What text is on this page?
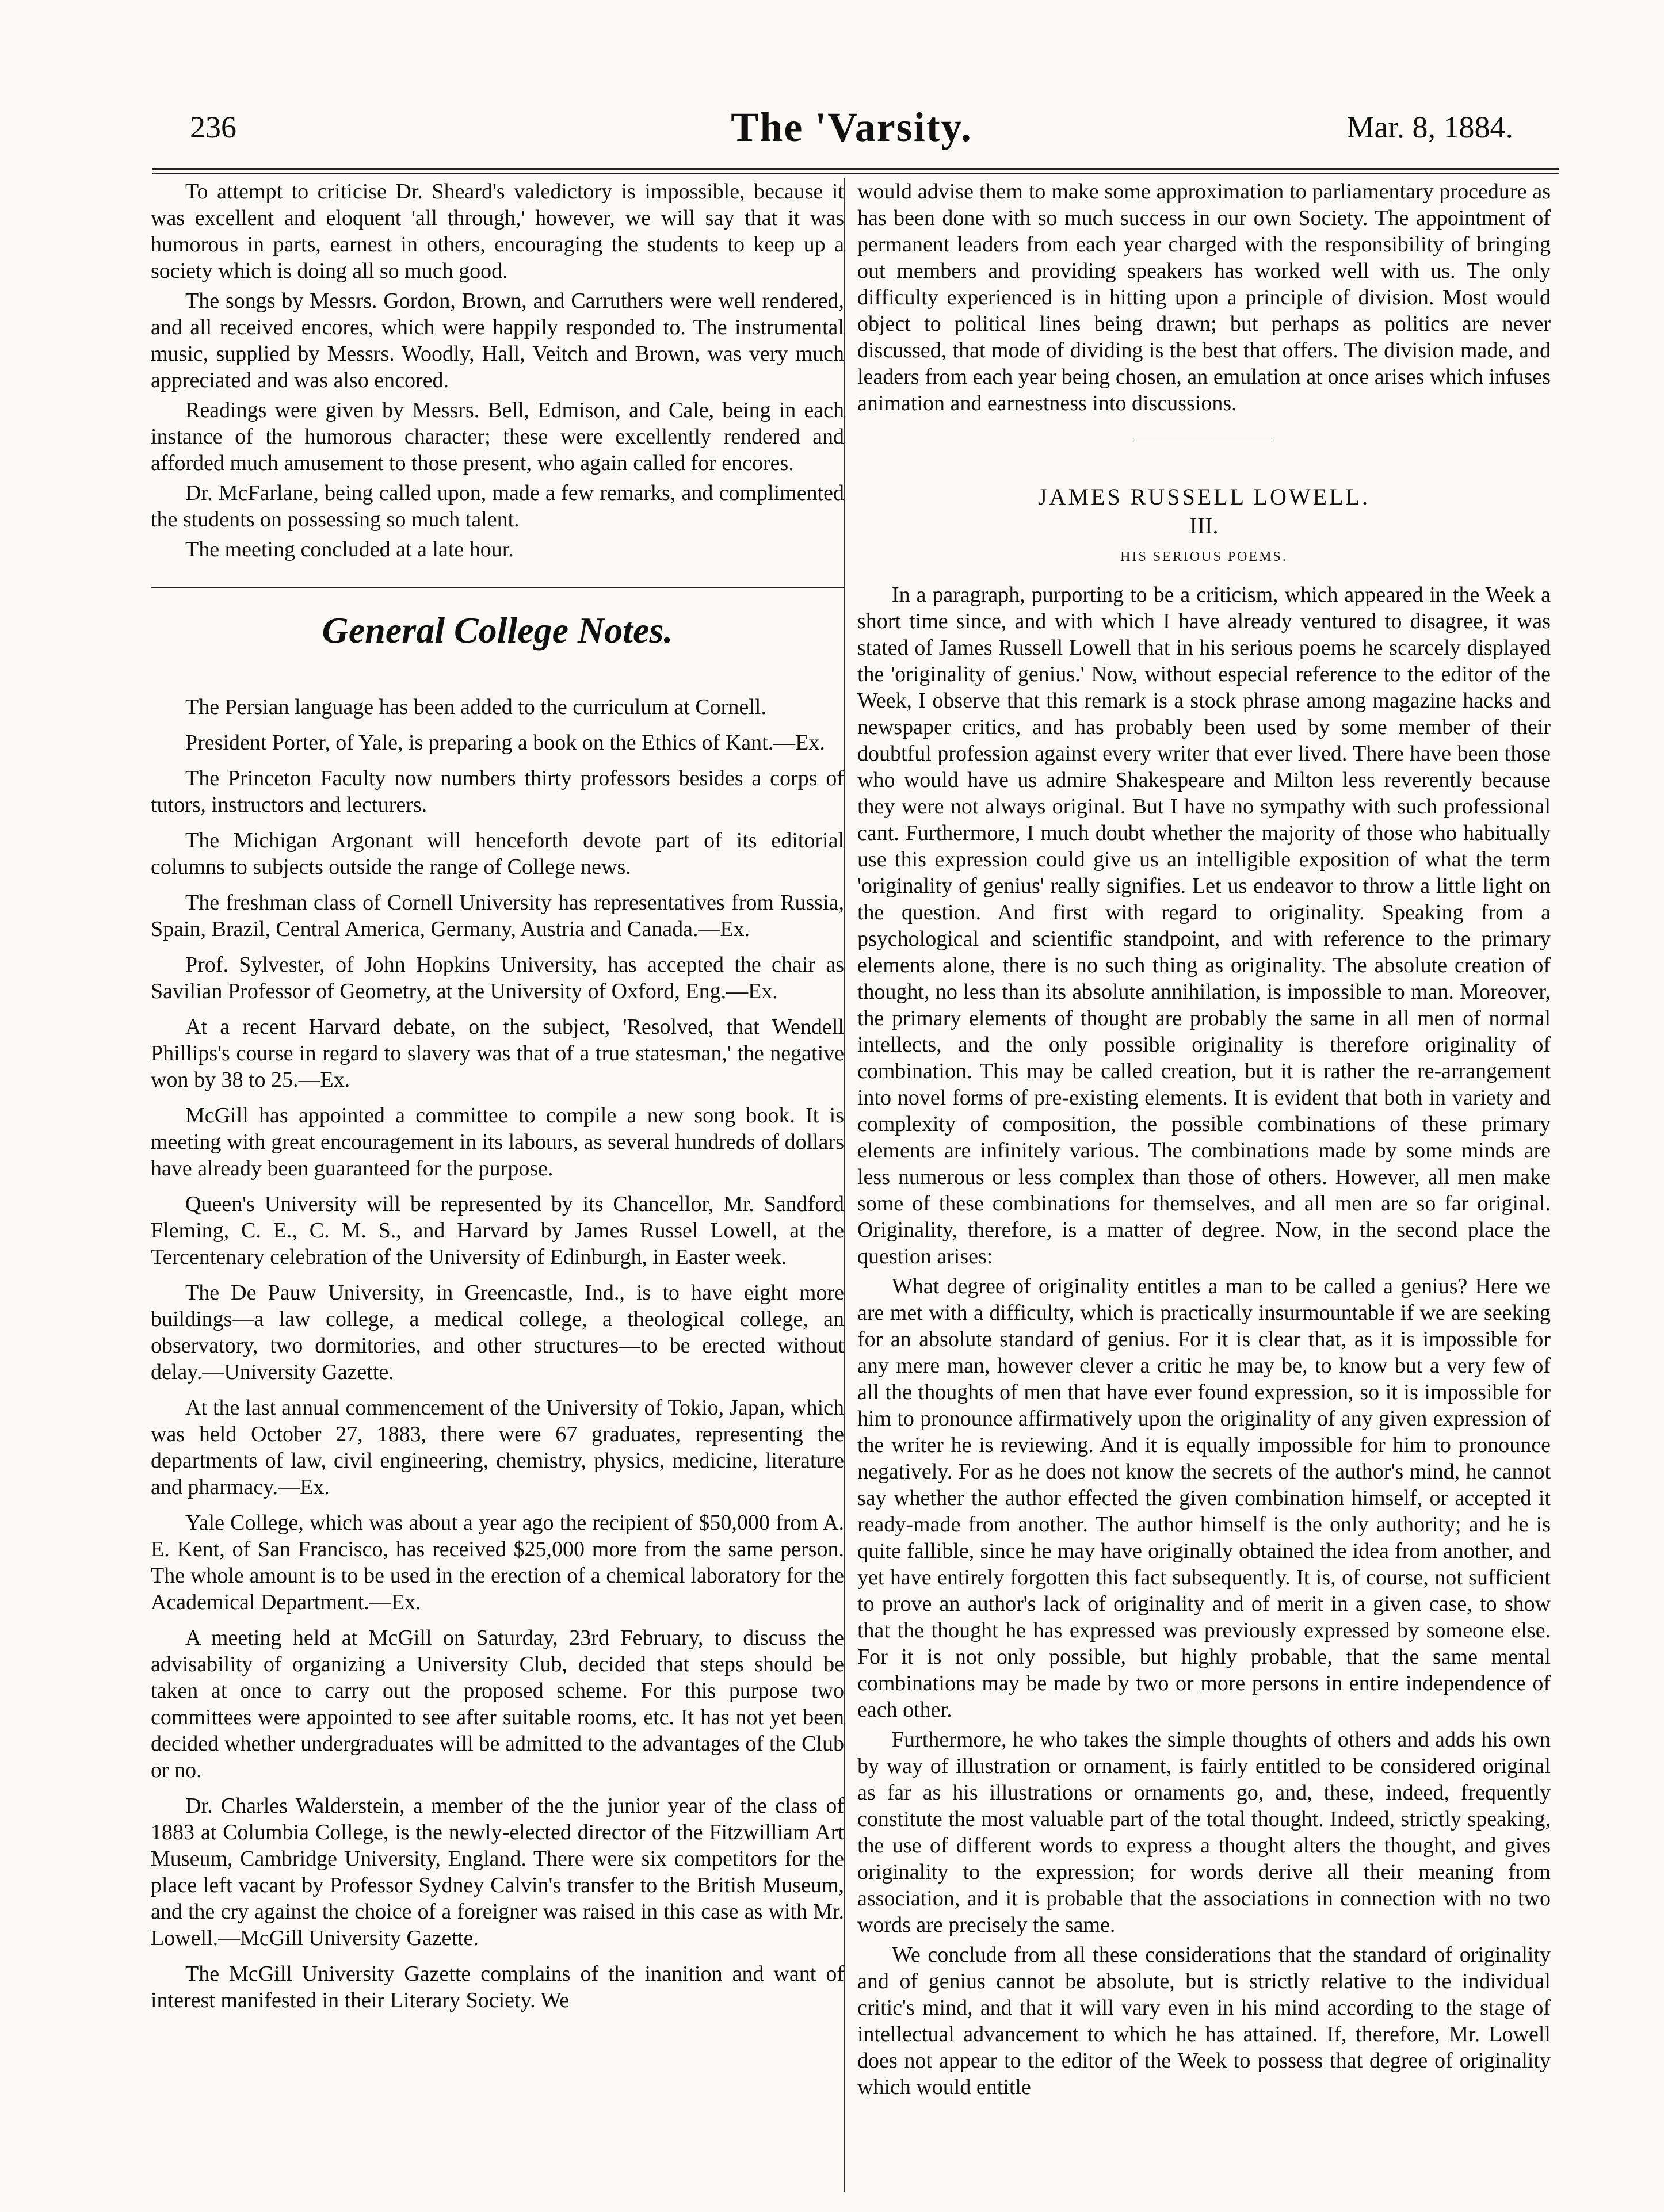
236	The 'Varsity.	Mar. 8, 1884.

To attempt to criticise Dr. Sheard's valedictory is impossible, because it was excellent and eloquent 'all through,' however, we will say that it was humorous in parts, earnest in others, encouraging the students to keep up a society which is doing all so much good.

The songs by Messrs. Gordon, Brown, and Carruthers were well rendered, and all received encores, which were happily responded to. The instrumental music, supplied by Messrs. Woodly, Hall, Veitch and Brown, was very much appreciated and was also encored.

Readings were given by Messrs. Bell, Edmison, and Cale, being in each instance of the humorous character; these were excellently rendered and afforded much amusement to those present, who again called for encores.

Dr. McFarlane, being called upon, made a few remarks, and complimented the students on possessing so much talent.

The meeting concluded at a late hour.

General College Notes.

The Persian language has been added to the curriculum at Cornell.

President Porter, of Yale, is preparing a book on the Ethics of Kant.—Ex.

The Princeton Faculty now numbers thirty professors besides a corps of tutors, instructors and lecturers.

The Michigan Argonant will henceforth devote part of its editorial columns to subjects outside the range of College news.

The freshman class of Cornell University has representatives from Russia, Spain, Brazil, Central America, Germany, Austria and Canada.—Ex.

Prof. Sylvester, of John Hopkins University, has accepted the chair as Savilian Professor of Geometry, at the University of Oxford, Eng.—Ex.

At a recent Harvard debate, on the subject, 'Resolved, that Wendell Phillips's course in regard to slavery was that of a true statesman,' the negative won by 38 to 25.—Ex.

McGill has appointed a committee to compile a new song book. It is meeting with great encouragement in its labours, as several hundreds of dollars have already been guaranteed for the purpose.

Queen's University will be represented by its Chancellor, Mr. Sandford Fleming, C. E., C. M. S., and Harvard by James Russel Lowell, at the Tercentenary celebration of the University of Edinburgh, in Easter week.

The De Pauw University, in Greencastle, Ind., is to have eight more buildings—a law college, a medical college, a theological college, an observatory, two dormitories, and other structures—to be erected without delay.—University Gazette.

At the last annual commencement of the University of Tokio, Japan, which was held October 27, 1883, there were 67 graduates, representing the departments of law, civil engineering, chemistry, physics, medicine, literature and pharmacy.—Ex.

Yale College, which was about a year ago the recipient of $50,000 from A. E. Kent, of San Francisco, has received $25,000 more from the same person. The whole amount is to be used in the erection of a chemical laboratory for the Academical Department.—Ex.

A meeting held at McGill on Saturday, 23rd February, to discuss the advisability of organizing a University Club, decided that steps should be taken at once to carry out the proposed scheme. For this purpose two committees were appointed to see after suitable rooms, etc. It has not yet been decided whether undergraduates will be admitted to the advantages of the Club or no.

Dr. Charles Walderstein, a member of the the junior year of the class of 1883 at Columbia College, is the newly-elected director of the Fitzwilliam Art Museum, Cambridge University, England. There were six competitors for the place left vacant by Professor Sydney Calvin's transfer to the British Museum, and the cry against the choice of a foreigner was raised in this case as with Mr. Lowell.—McGill University Gazette.

The McGill University Gazette complains of the inanition and want of interest manifested in their Literary Society. We

would advise them to make some approximation to parliamentary procedure as has been done with so much success in our own Society. The appointment of permanent leaders from each year charged with the responsibility of bringing out members and providing speakers has worked well with us. The only difficulty experienced is in hitting upon a principle of division. Most would object to political lines being drawn; but perhaps as politics are never discussed, that mode of dividing is the best that offers. The division made, and leaders from each year being chosen, an emulation at once arises which infuses animation and earnestness into discussions.

JAMES RUSSELL LOWELL.
III.
HIS SERIOUS POEMS.

In a paragraph, purporting to be a criticism, which appeared in the Week a short time since, and with which I have already ventured to disagree, it was stated of James Russell Lowell that in his serious poems he scarcely displayed the 'originality of genius.' Now, without especial reference to the editor of the Week, I observe that this remark is a stock phrase among magazine hacks and newspaper critics, and has probably been used by some member of their doubtful profession against every writer that ever lived. There have been those who would have us admire Shakespeare and Milton less reverently because they were not always original. But I have no sympathy with such professional cant. Furthermore, I much doubt whether the majority of those who habitually use this expression could give us an intelligible exposition of what the term 'originality of genius' really signifies. Let us endeavor to throw a little light on the question. And first with regard to originality. Speaking from a psychological and scientific standpoint, and with reference to the primary elements alone, there is no such thing as originality. The absolute creation of thought, no less than its absolute annihilation, is impossible to man. Moreover, the primary elements of thought are probably the same in all men of normal intellects, and the only possible originality is therefore originality of combination. This may be called creation, but it is rather the re-arrangement into novel forms of pre-existing elements. It is evident that both in variety and complexity of composition, the possible combinations of these primary elements are infinitely various. The combinations made by some minds are less numerous or less complex than those of others. However, all men make some of these combinations for themselves, and all men are so far original. Originality, therefore, is a matter of degree. Now, in the second place the question arises:

What degree of originality entitles a man to be called a genius? Here we are met with a difficulty, which is practically insurmountable if we are seeking for an absolute standard of genius. For it is clear that, as it is impossible for any mere man, however clever a critic he may be, to know but a very few of all the thoughts of men that have ever found expression, so it is impossible for him to pronounce affirmatively upon the originality of any given expression of the writer he is reviewing. And it is equally impossible for him to pronounce negatively. For as he does not know the secrets of the author's mind, he cannot say whether the author effected the given combination himself, or accepted it ready-made from another. The author himself is the only authority; and he is quite fallible, since he may have originally obtained the idea from another, and yet have entirely forgotten this fact subsequently. It is, of course, not sufficient to prove an author's lack of originality and of merit in a given case, to show that the thought he has expressed was previously expressed by someone else. For it is not only possible, but highly probable, that the same mental combinations may be made by two or more persons in entire independence of each other.

Furthermore, he who takes the simple thoughts of others and adds his own by way of illustration or ornament, is fairly entitled to be considered original as far as his illustrations or ornaments go, and, these, indeed, frequently constitute the most valuable part of the total thought. Indeed, strictly speaking, the use of different words to express a thought alters the thought, and gives originality to the expression; for words derive all their meaning from association, and it is probable that the associations in connection with no two words are precisely the same.

We conclude from all these considerations that the standard of originality and of genius cannot be absolute, but is strictly relative to the individual critic's mind, and that it will vary even in his mind according to the stage of intellectual advancement to which he has attained. If, therefore, Mr. Lowell does not appear to the editor of the Week to possess that degree of originality which would entitle
